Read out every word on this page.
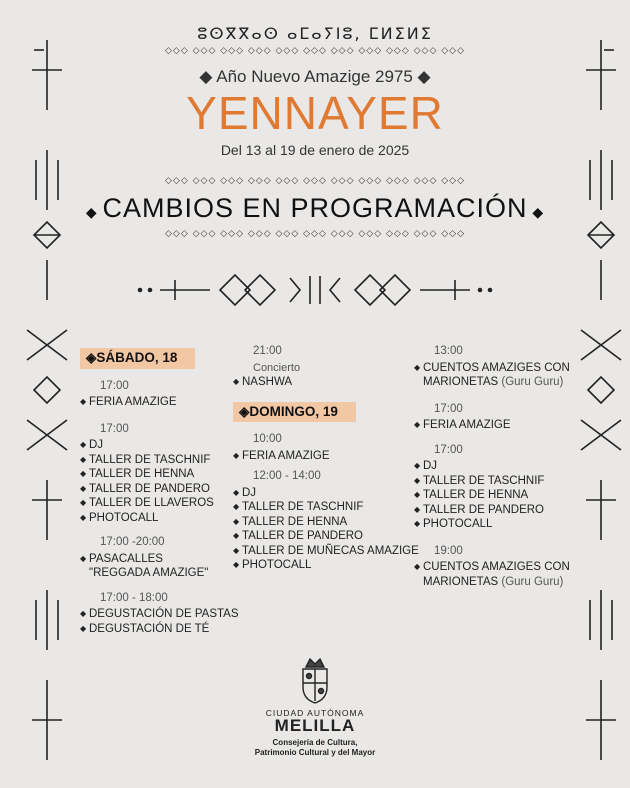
ⵓⵙⴳⴳⴰⵙ ⴰⵎⴰⵢⵏⵓ, ⵎⵍⵉⵍⵉ
◇◇◇ ◇◇◇ ◇◇◇ ◇◇◇ ◇◇◇ ◇◇◇ ◇◇◇ ◇◇◇ ◇◇◇ ◇◇◇ ◇◇◇
◆ Año Nuevo Amazige 2975 ◆
YENNAYER
Del 13 al 19 de enero de 2025
◇◇◇ ◇◇◇ ◇◇◇ ◇◇◇ ◇◇◇ ◇◇◇ ◇◇◇ ◇◇◇ ◇◇◇ ◇◇◇ ◇◇◇
◆ CAMBIOS EN PROGRAMACIÓN ◆
◇◇◇ ◇◇◇ ◇◇◇ ◇◇◇ ◇◇◇ ◇◇◇ ◇◇◇ ◇◇◇ ◇◇◇ ◇◇◇ ◇◇◇
◈SÁBADO, 18
17:00
◆ FERIA AMAZIGE
17:00
◆ DJ
◆ TALLER DE TASCHNIF
◆ TALLER DE HENNA
◆ TALLER DE PANDERO
◆ TALLER DE LLAVEROS
◆ PHOTOCALL
17:00 -20:00
◆ PASACALLES
"REGGADA AMAZIGE"
17:00 - 18:00
◆ DEGUSTACIÓN DE PASTAS
◆ DEGUSTACIÓN DE TÉ
21:00
Concierto
◆ NASHWA
◈DOMINGO, 19
10:00
◆ FERIA AMAZIGE
12:00 - 14:00
◆ DJ
◆ TALLER DE TASCHNIF
◆ TALLER DE HENNA
◆ TALLER DE PANDERO
◆ TALLER DE MUÑECAS AMAZIGE
◆ PHOTOCALL
13:00
◆ CUENTOS AMAZIGES CON
MARIONETAS (Guru Guru)
17:00
◆ FERIA AMAZIGE
17:00
◆ DJ
◆ TALLER DE TASCHNIF
◆ TALLER DE HENNA
◆ TALLER DE PANDERO
◆ PHOTOCALL
19:00
◆ CUENTOS AMAZIGES CON
MARIONETAS (Guru Guru)
CIUDAD AUTÓNOMA
MELILLA
Consejería de Cultura,
Patrimonio Cultural y del Mayor
